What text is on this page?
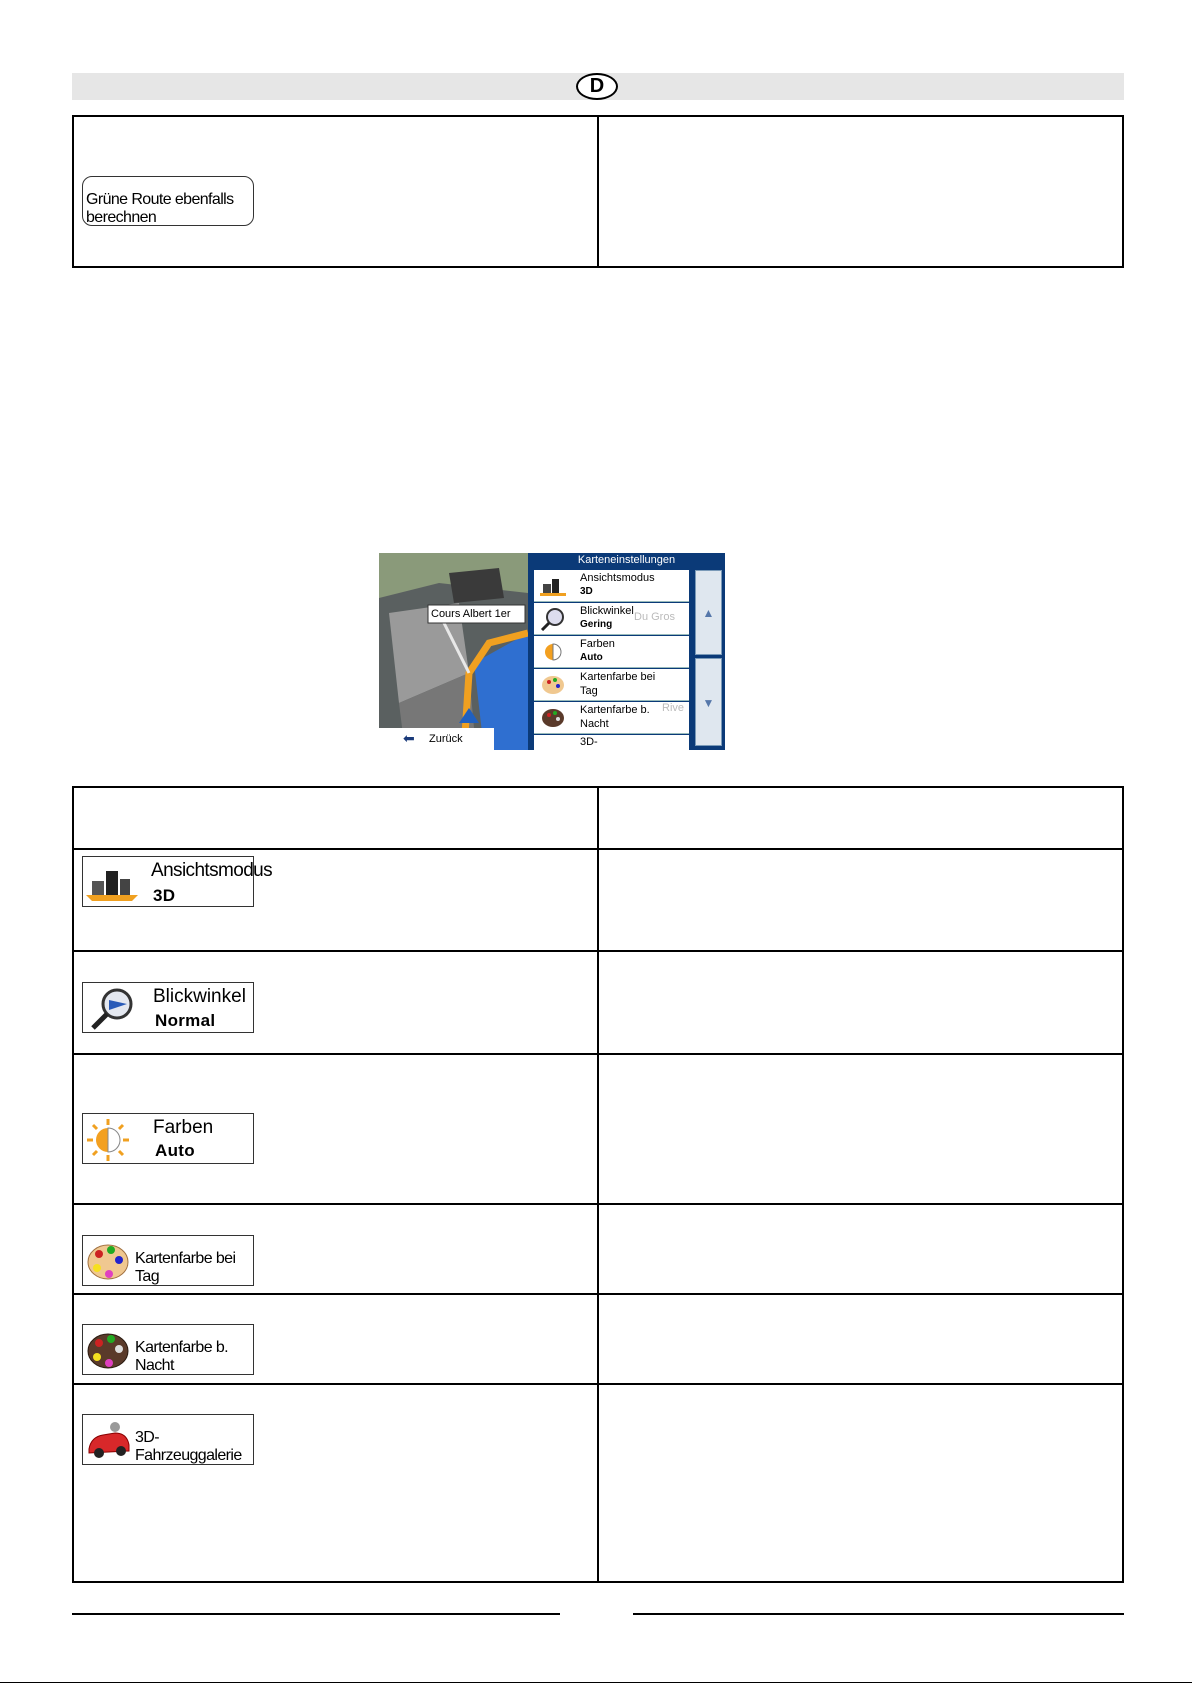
D
Grüne Route ebenfalls berechnen
Cours Albert 1er
⬅ Zurück
Karteneinstellungen
Ansichtsmodus
3D
Blickwinkel
Gering
Du Gros
Farben
Auto
Kartenfarbe bei
Tag
Kartenfarbe b.
Nacht
Rive
3D-
▲
▼
Ansichtsmodus
3D
Blickwinkel
Normal
Farben
Auto
Kartenfarbe bei Tag
Kartenfarbe b. Nacht
3D-Fahrzeuggalerie
